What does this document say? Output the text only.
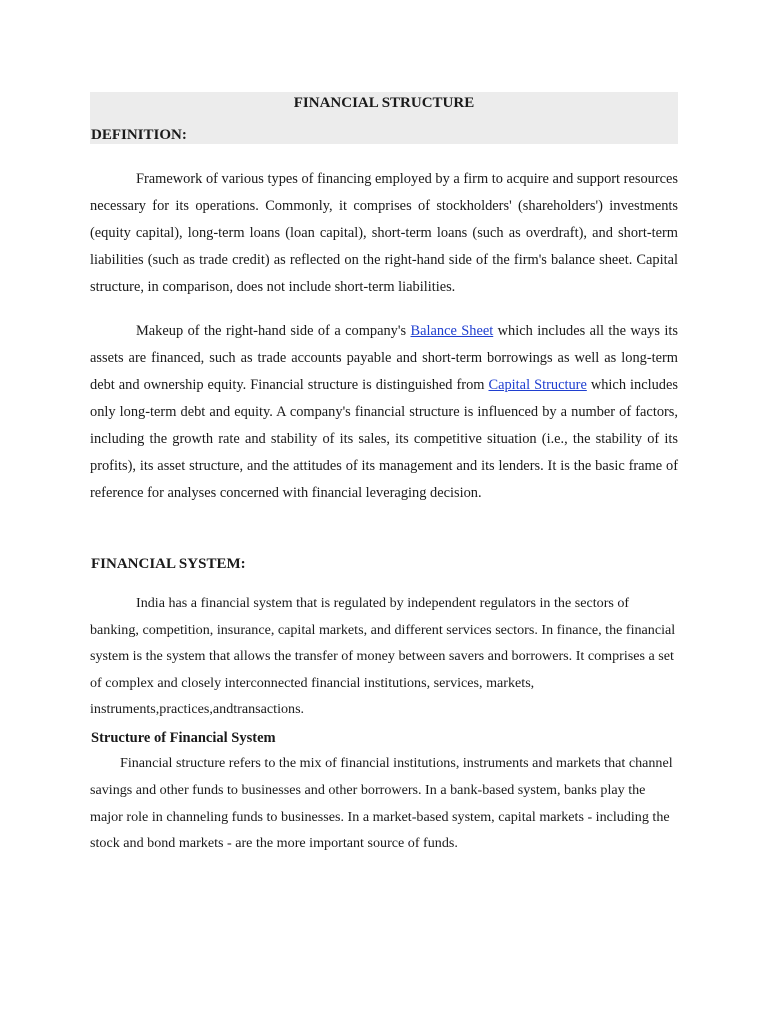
FINANCIAL STRUCTURE
DEFINITION:

Framework of various types of financing employed by a firm to acquire and support resources necessary for its operations. Commonly, it comprises of stockholders' (shareholders') investments (equity capital), long-term loans (loan capital), short-term loans (such as overdraft), and short-term liabilities (such as trade credit) as reflected on the right-hand side of the firm's balance sheet. Capital structure, in comparison, does not include short-term liabilities.

Makeup of the right-hand side of a company's Balance Sheet which includes all the ways its assets are financed, such as trade accounts payable and short-term borrowings as well as long-term debt and ownership equity. Financial structure is distinguished from Capital Structure which includes only long-term debt and equity. A company's financial structure is influenced by a number of factors, including the growth rate and stability of its sales, its competitive situation (i.e., the stability of its profits), its asset structure, and the attitudes of its management and its lenders. It is the basic frame of reference for analyses concerned with financial leveraging decision.

FINANCIAL SYSTEM:

India has a financial system that is regulated by independent regulators in the sectors of banking, competition, insurance, capital markets, and different services sectors. In finance, the financial system is the system that allows the transfer of money between savers and borrowers. It comprises a set of complex and closely interconnected financial institutions, services, markets, instruments,practices,andtransactions.

Structure of Financial System

Financial structure refers to the mix of financial institutions, instruments and markets that channel savings and other funds to businesses and other borrowers. In a bank-based system, banks play the major role in channeling funds to businesses. In a market-based system, capital markets - including the stock and bond markets - are the more important source of funds.
